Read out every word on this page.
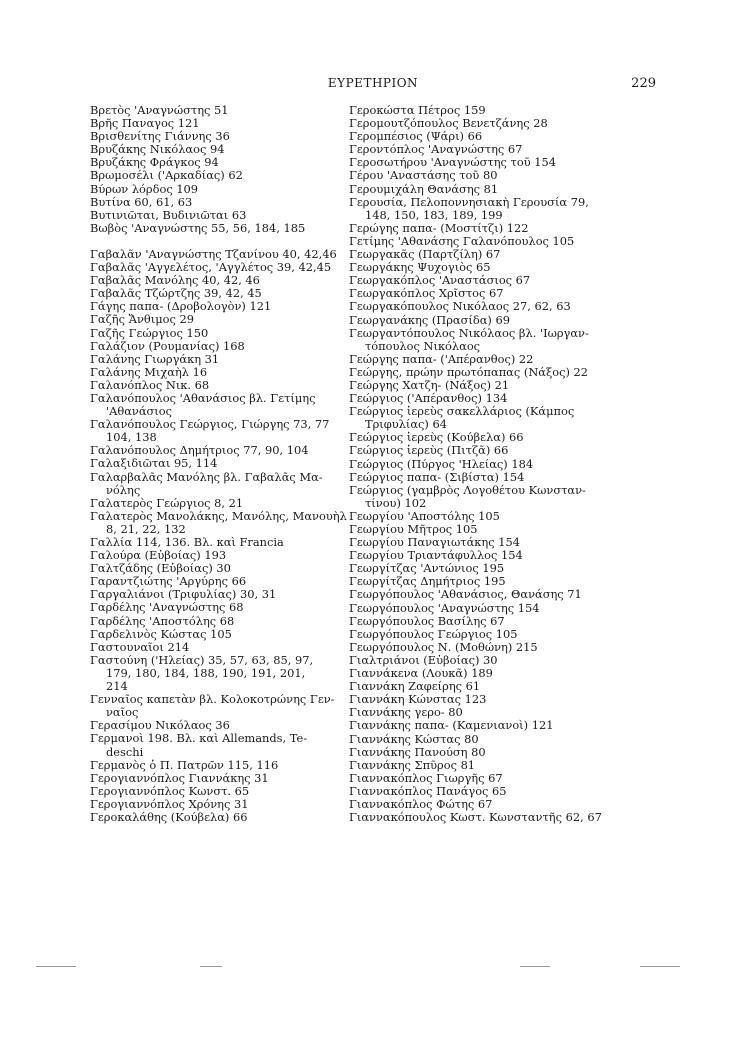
ΕΥΡΕΤΗΡΙΟΝ	229
Βρετὸς 'Αναγνώστης 51
Βρῆς Παναγος 121
Βρισθενίτης Γιάννης 36
Βρυζάκης Νικόλαος 94
Βρυζάκης Φράγκος 94
Βρωμοσέλι ('Αρκαδίας) 62
Βύρων λόρδος 109
Βυτίνα 60, 61, 63
Βυτινιῶται, Βυδινιῶται 63
Βωβὸς 'Αναγνώστης 55, 56, 184, 185
Γαβαλᾶν 'Αναγνώστης Τζανίνου 40, 42,46
Γαβαλᾶς 'Αγγελέτος, 'Αγγλέτος 39, 42,45
Γαβαλᾶς Μανόλης 40, 42, 46
Γαβαλᾶς Τζώρτζης 39, 42, 45
Γάγης παπα- (Δροβολογὸν) 121
Γαζῆς Ἄνθιμος 29
Γαζῆς Γεώργιος 150
Γαλάζιον (Ρουμανίας) 168
Γαλάνης Γιωργάκη 31
Γαλάνης Μιχαὴλ 16
Γαλανόπλος Νικ. 68
Γαλανόπουλος 'Αθανάσιος βλ. Γετίμης
'Αθανάσιος
Γαλανόπουλος Γεώργιος, Γιώργης 73, 77
104, 138
Γαλανόπουλος Δημήτριος 77, 90, 104
Γαλαξιδιῶται 95, 114
Γαλαρβαλᾶς Μανόλης βλ. Γαβαλᾶς Μα-
νόλης
Γαλατερὸς Γεώργιος 8, 21
Γαλατερὸς Μανολάκης, Μανόλης, Μανουὴλ
8, 21, 22, 132
Γαλλία 114, 136. Βλ. καὶ Francia
Γαλούρα (Εὐβοίας) 193
Γαλτζάδης (Εὐβοίας) 30
Γαραντζιώτης 'Αργύρης 66
Γαργαλιάνοι (Τριφυλίας) 30, 31
Γαρδέλης 'Αναγνώστης 68
Γαρδέλης 'Αποστόλης 68
Γαρδελινὸς Κώστας 105
Γαστουναῖοι 214
Γαστούνη ('Ηλείας) 35, 57, 63, 85, 97,
179, 180, 184, 188, 190, 191, 201,
214
Γενναῖος καπετὰν βλ. Κολοκοτρώνης Γεν-
ναῖος
Γερασίμου Νικόλαος 36
Γερμανοὶ 198. Βλ. καὶ Allemands, Te-
deschi
Γερμανὸς ὁ Π. Πατρῶν 115, 116
Γερογιαννόπλος Γιαννάκης 31
Γερογιαννόπλος Κωνστ. 65
Γερογιαννόπλος Χρόνης 31
Γεροκαλάθης (Κούβελα) 66
Γεροκώστα Πέτρος 159
Γερομουτζόπουλος Βενετζάνης 28
Γερομπέσιος (Ψάρι) 66
Γεροντόπλος 'Αναγνώστης 67
Γεροσωτήρου 'Αναγνώστης τοῦ 154
Γέρου 'Αναστάσης τοῦ 80
Γερουμιχάλη Θανάσης 81
Γερουσία, Πελοποννησιακὴ Γερουσία 79,
148, 150, 183, 189, 199
Γερώγης παπα- (Μοστίτζι) 122
Γετίμης 'Αθανάσης Γαλανόπουλος 105
Γεωργακᾶς (Παρτζίλη) 67
Γεωργάκης Ψυχογιὸς 65
Γεωργακόπλος 'Αναστάσιος 67
Γεωργακόπλος Χρῖστος 67
Γεωργακόπουλος Νικόλαος 27, 62, 63
Γεωργανάκης (Πρασίδα) 69
Γεωργαντόπουλος Νικόλαος βλ. 'Ιωργαν-
τόπουλος Νικόλαος
Γεώργης παπα- ('Απέρανθος) 22
Γεώργης, πρώην πρωτόπαπας (Νάξος) 22
Γεώργης Χατζη- (Νάξος) 21
Γεώργιος ('Απέρανθος) 134
Γεώργιος ἱερεὺς σακελλάριος (Κάμπος
Τριφυλίας) 64
Γεώργιος ἱερεὺς (Κούβελα) 66
Γεώργιος ἱερεὺς (Πιτζᾶ) 66
Γεώργιος (Πύργος 'Ηλείας) 184
Γεώργιος παπα- (Σιβίστα) 154
Γεώργιος (γαμβρὸς Λογοθέτου Κωνσταν-
τίνου) 102
Γεωργίου 'Αποστόλης 105
Γεωργίου Μῆτρος 105
Γεωργίου Παναγιωτάκης 154
Γεωργίου Τριαντάφυλλος 154
Γεωργίτζας 'Αντώνιος 195
Γεωργίτζας Δημήτριος 195
Γεωργόπουλος 'Αθανάσιος, Θανάσης 71
Γεωργόπουλος 'Αναγνώστης 154
Γεωργόπουλος Βασίλης 67
Γεωργόπουλος Γεώργιος 105
Γεωργόπουλος Ν. (Μοθώνη) 215
Γιαλτριάνοι (Εὐβοίας) 30
Γιαννάκενα (Λουκᾶ) 189
Γιαννάκη Ζαφείρης 61
Γιαννάκη Κώνστας 123
Γιαννάκης γερο- 80
Γιαννάκης παπα- (Καμενιανοὶ) 121
Γιαννάκης Κώστας 80
Γιαννάκης Πανούση 80
Γιαννάκης Σπῦρος 81
Γιαννακόπλος Γιωργῆς 67
Γιαννακόπλος Πανάγος 65
Γιαννακόπλος Φώτης 67
Γιαννακόπουλος Κωστ. Κωνσταντῆς 62, 67
